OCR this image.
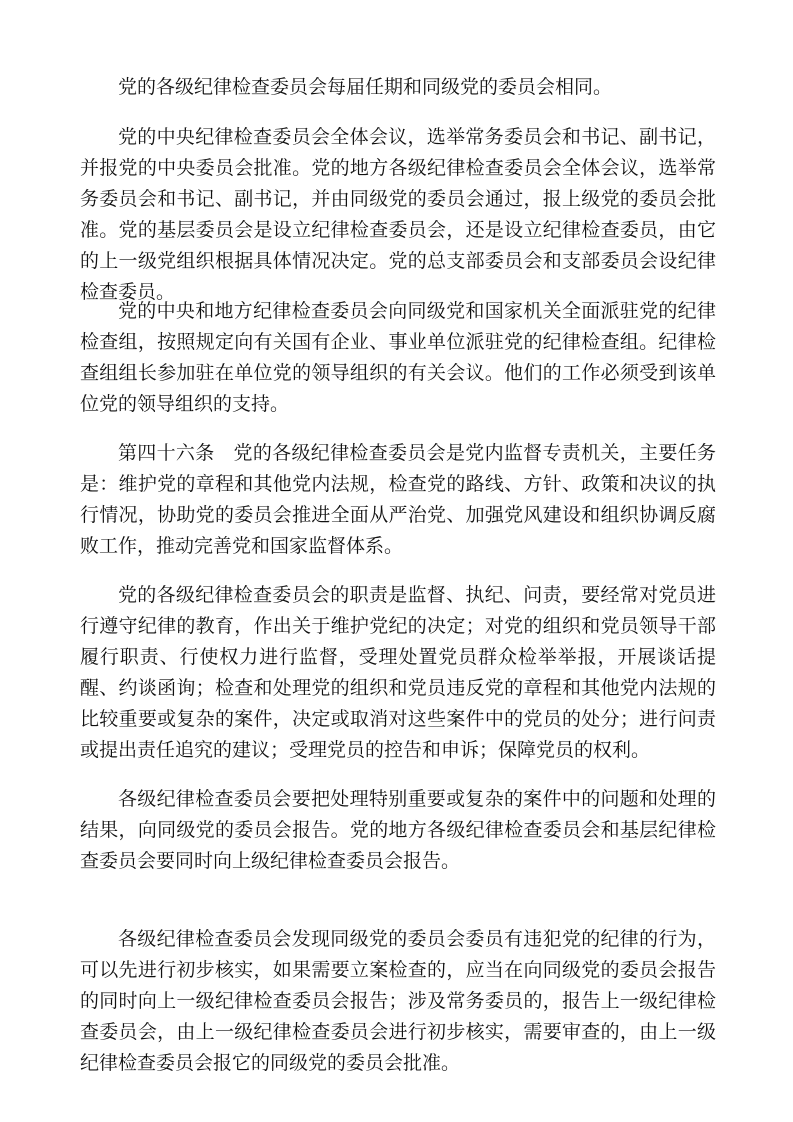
党的各级纪律检查委员会每届任期和同级党的委员会相同。

党的中央纪律检查委员会全体会议，选举常务委员会和书记、副书记，并报党的中央委员会批准。党的地方各级纪律检查委员会全体会议，选举常务委员会和书记、副书记，并由同级党的委员会通过，报上级党的委员会批准。党的基层委员会是设立纪律检查委员会，还是设立纪律检查委员，由它的上一级党组织根据具体情况决定。党的总支部委员会和支部委员会设纪律检查委员。

党的中央和地方纪律检查委员会向同级党和国家机关全面派驻党的纪律检查组，按照规定向有关国有企业、事业单位派驻党的纪律检查组。纪律检查组组长参加驻在单位党的领导组织的有关会议。他们的工作必须受到该单位党的领导组织的支持。

第四十六条 党的各级纪律检查委员会是党内监督专责机关，主要任务是：维护党的章程和其他党内法规，检查党的路线、方针、政策和决议的执行情况，协助党的委员会推进全面从严治党、加强党风建设和组织协调反腐败工作，推动完善党和国家监督体系。

党的各级纪律检查委员会的职责是监督、执纪、问责，要经常对党员进行遵守纪律的教育，作出关于维护党纪的决定；对党的组织和党员领导干部履行职责、行使权力进行监督，受理处置党员群众检举举报，开展谈话提醒、约谈函询；检查和处理党的组织和党员违反党的章程和其他党内法规的比较重要或复杂的案件，决定或取消对这些案件中的党员的处分；进行问责或提出责任追究的建议；受理党员的控告和申诉；保障党员的权利。

各级纪律检查委员会要把处理特别重要或复杂的案件中的问题和处理的结果，向同级党的委员会报告。党的地方各级纪律检查委员会和基层纪律检查委员会要同时向上级纪律检查委员会报告。

各级纪律检查委员会发现同级党的委员会委员有违犯党的纪律的行为，可以先进行初步核实，如果需要立案检查的，应当在向同级党的委员会报告的同时向上一级纪律检查委员会报告；涉及常务委员的，报告上一级纪律检查委员会，由上一级纪律检查委员会进行初步核实，需要审查的，由上一级纪律检查委员会报它的同级党的委员会批准。
